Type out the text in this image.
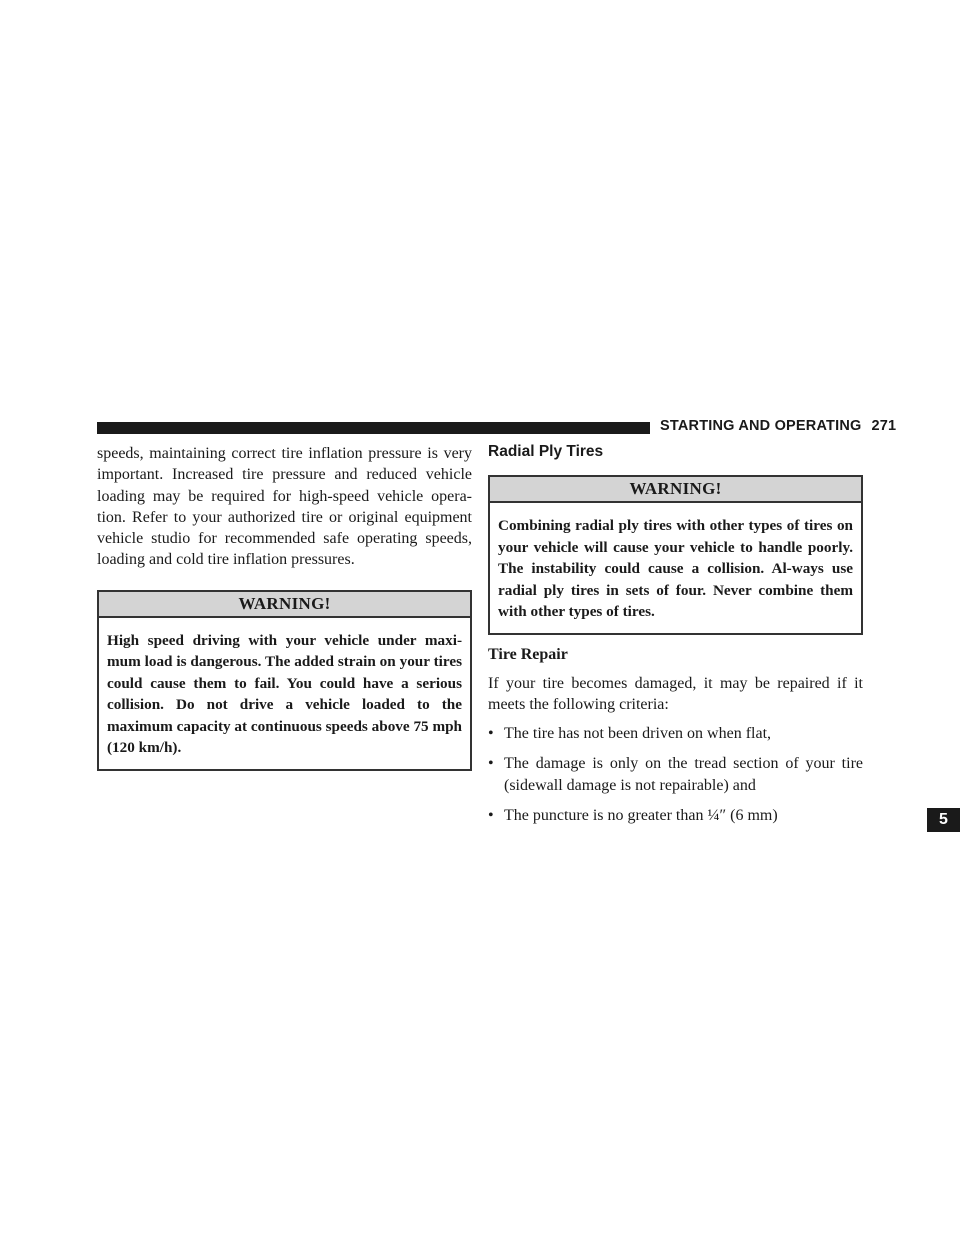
STARTING AND OPERATING 271

speeds, maintaining correct tire inflation pressure is very important. Increased tire pressure and reduced vehicle loading may be required for high-speed vehicle opera-tion. Refer to your authorized tire or original equipment vehicle studio for recommended safe operating speeds, loading and cold tire inflation pressures.

WARNING!
High speed driving with your vehicle under maxi-mum load is dangerous. The added strain on your tires could cause them to fail. You could have a serious collision. Do not drive a vehicle loaded to the maximum capacity at continuous speeds above 75 mph (120 km/h).
Radial Ply Tires
WARNING!
Combining radial ply tires with other types of tires on your vehicle will cause your vehicle to handle poorly. The instability could cause a collision. Al-ways use radial ply tires in sets of four. Never combine them with other types of tires.
Tire Repair

If your tire becomes damaged, it may be repaired if it meets the following criteria:

• The tire has not been driven on when flat,
• The damage is only on the tread section of your tire (sidewall damage is not repairable) and
• The puncture is no greater than ¼″ (6 mm)	5
